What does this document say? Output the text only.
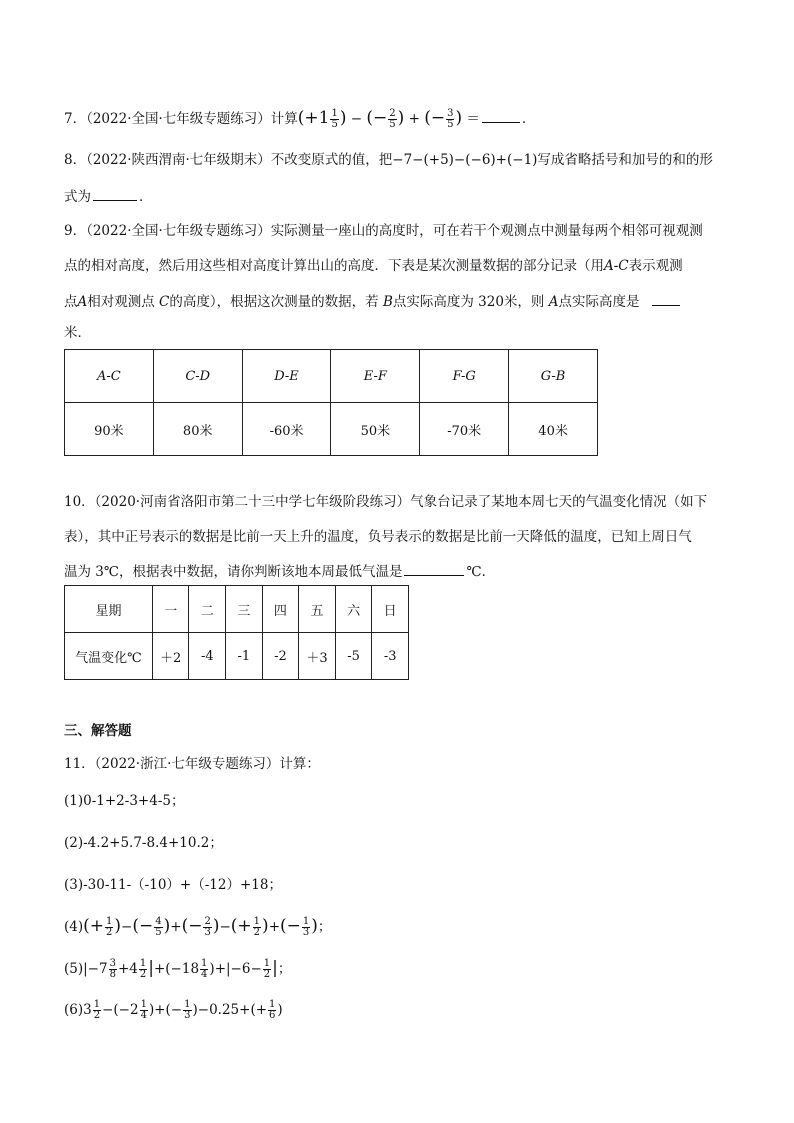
7．（2022·全国·七年级专题练习）计算($+1 \frac{1}{5}$ ) − (− $\frac{2}{5}$ ) + (− $\frac{3}{5}$ ) ＝	．
8．（2022·陕西渭南·七年级期末）不改变原式的值，把−7−(+5)−(−6)+(−1)写成省略括号和加号的和的形
式为	．
9．（2022·全国·七年级专题练习）实际测量一座山的高度时，可在若干个观测点中测量每两个相邻可视观测
点的相对高度，然后用这些相对高度计算出山的高度．下表是某次测量数据的部分记录（用A-C表示观测
点A相对观测点 C的高度），根据这次测量的数据，若 B点实际高度为 320米，则 A点实际高度是
米．
A-C	C-D	D-E	E-F	F-G	G-B
90米	80米	-60米	50米	-70米	40米
10．（2020·河南省洛阳市第二十三中学七年级阶段练习）气象台记录了某地本周七天的气温变化情况（如下
表），其中正号表示的数据是比前一天上升的温度，负号表示的数据是比前一天降低的温度，已知上周日气
温为 3℃，根据表中数据，请你判断该地本周最低气温是	℃．
星期	一	二	三	四	五	六	日
气温变化℃	＋2	-4	-1	-2	＋3	-5	-3
三、解答题
11．（2022·浙江·七年级专题练习）计算：
(1)0-1+2-3+4-5；
(2)-4.2+5.7-8.4+10.2；
(3)-30-11-（-10）+（-12）+18；
$(4)(+ \frac{1}{2}$ )−(− $\frac{4}{5}$ )+(− $\frac{2}{3}$ )−(+ $\frac{1}{2}$ )+(− $\frac{1}{3}$ )；
$(5)|-7 \frac{3}{8} +4 \frac{1}{2} |+(-18 \frac{1}{4} )+|-6- \frac{1}{2}$ |；
$(6)3 \frac{1}{2} -(-2 \frac{1}{4}$ )+(− $\frac{1}{3} )-0.25+(+ \frac{1}{6}$ )
